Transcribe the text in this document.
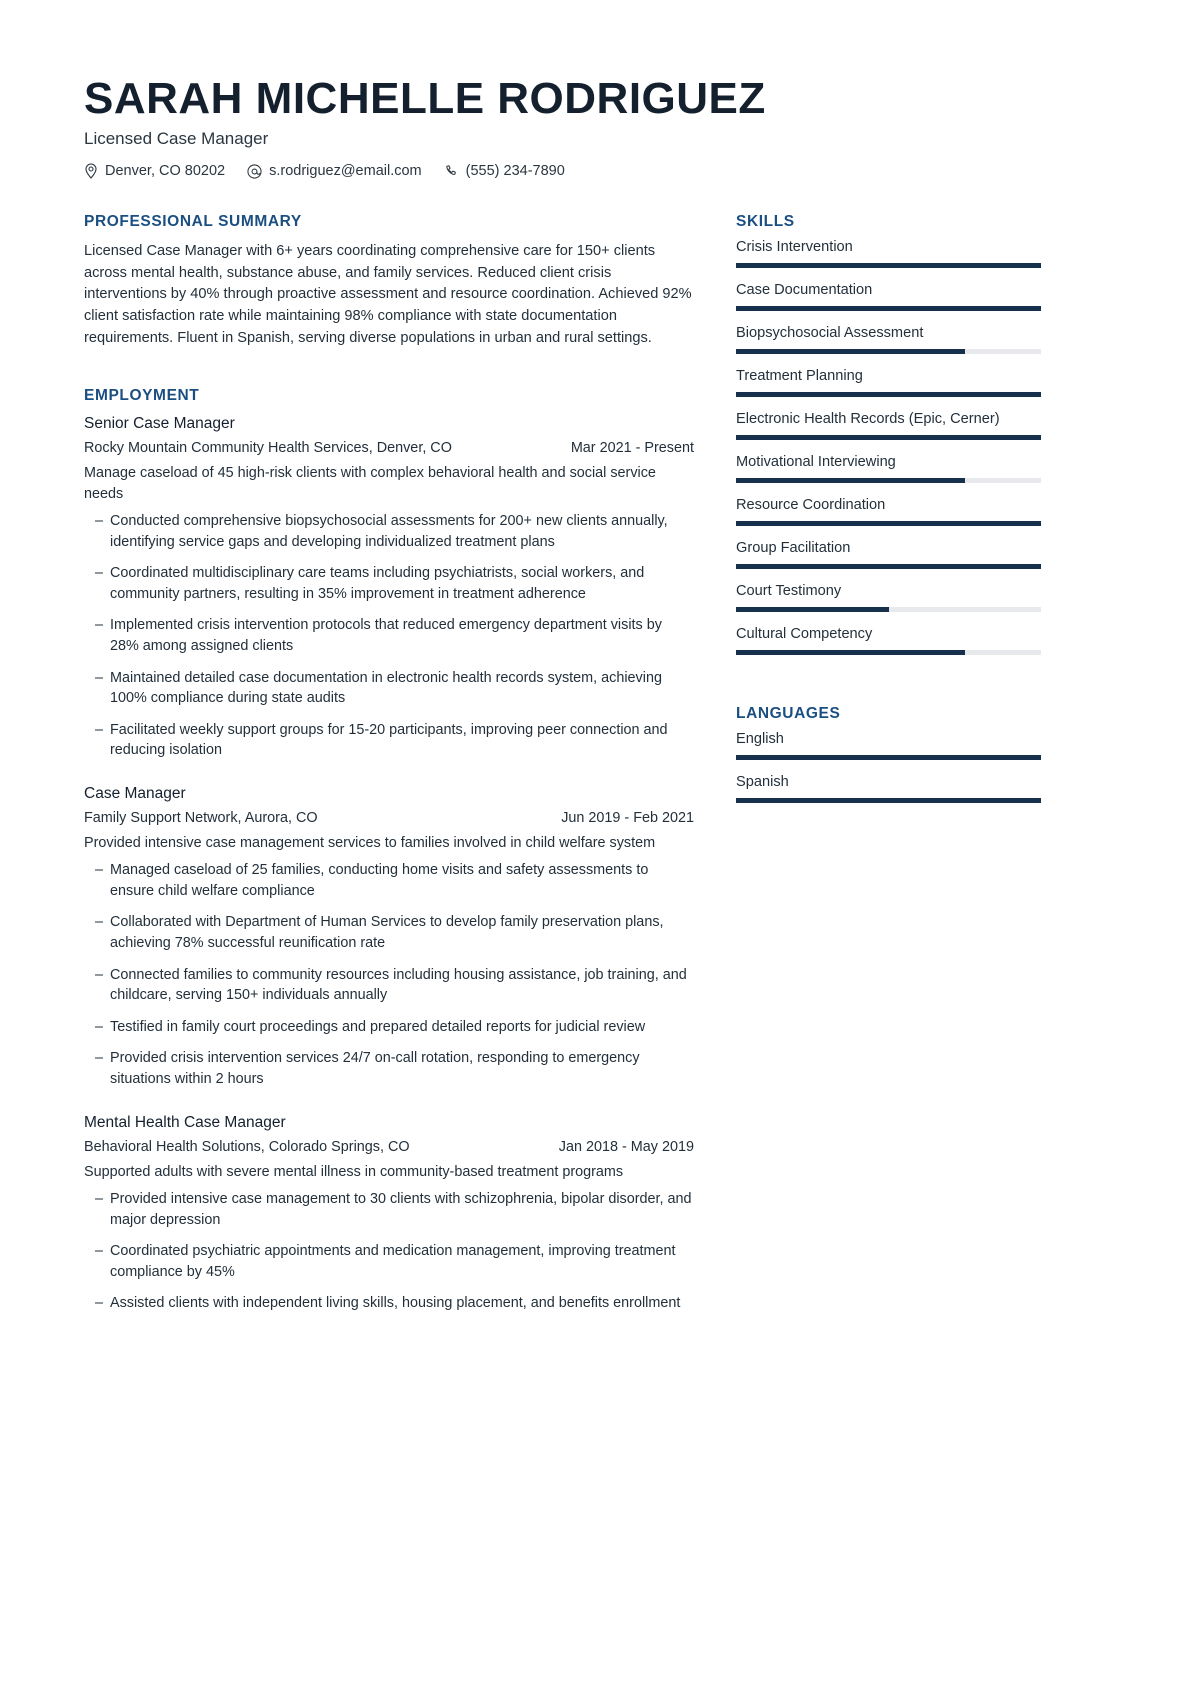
SARAH MICHELLE RODRIGUEZ
Licensed Case Manager
Denver, CO 80202	s.rodriguez@email.com	(555) 234-7890
PROFESSIONAL SUMMARY
Licensed Case Manager with 6+ years coordinating comprehensive care for 150+ clients across mental health, substance abuse, and family services. Reduced client crisis interventions by 40% through proactive assessment and resource coordination. Achieved 92% client satisfaction rate while maintaining 98% compliance with state documentation requirements. Fluent in Spanish, serving diverse populations in urban and rural settings.
EMPLOYMENT
Senior Case Manager
Rocky Mountain Community Health Services, Denver, CO	Mar 2021 - Present
Manage caseload of 45 high-risk clients with complex behavioral health and social service needs
– Conducted comprehensive biopsychosocial assessments for 200+ new clients annually, identifying service gaps and developing individualized treatment plans
– Coordinated multidisciplinary care teams including psychiatrists, social workers, and community partners, resulting in 35% improvement in treatment adherence
– Implemented crisis intervention protocols that reduced emergency department visits by 28% among assigned clients
– Maintained detailed case documentation in electronic health records system, achieving 100% compliance during state audits
– Facilitated weekly support groups for 15-20 participants, improving peer connection and reducing isolation
Case Manager
Family Support Network, Aurora, CO	Jun 2019 - Feb 2021
Provided intensive case management services to families involved in child welfare system
– Managed caseload of 25 families, conducting home visits and safety assessments to ensure child welfare compliance
– Collaborated with Department of Human Services to develop family preservation plans, achieving 78% successful reunification rate
– Connected families to community resources including housing assistance, job training, and childcare, serving 150+ individuals annually
– Testified in family court proceedings and prepared detailed reports for judicial review
– Provided crisis intervention services 24/7 on-call rotation, responding to emergency situations within 2 hours
Mental Health Case Manager
Behavioral Health Solutions, Colorado Springs, CO	Jan 2018 - May 2019
Supported adults with severe mental illness in community-based treatment programs
– Provided intensive case management to 30 clients with schizophrenia, bipolar disorder, and major depression
– Coordinated psychiatric appointments and medication management, improving treatment compliance by 45%
– Assisted clients with independent living skills, housing placement, and benefits enrollment
SKILLS
Crisis Intervention
Case Documentation
Biopsychosocial Assessment
Treatment Planning
Electronic Health Records (Epic, Cerner)
Motivational Interviewing
Resource Coordination
Group Facilitation
Court Testimony
Cultural Competency
LANGUAGES
English
Spanish
